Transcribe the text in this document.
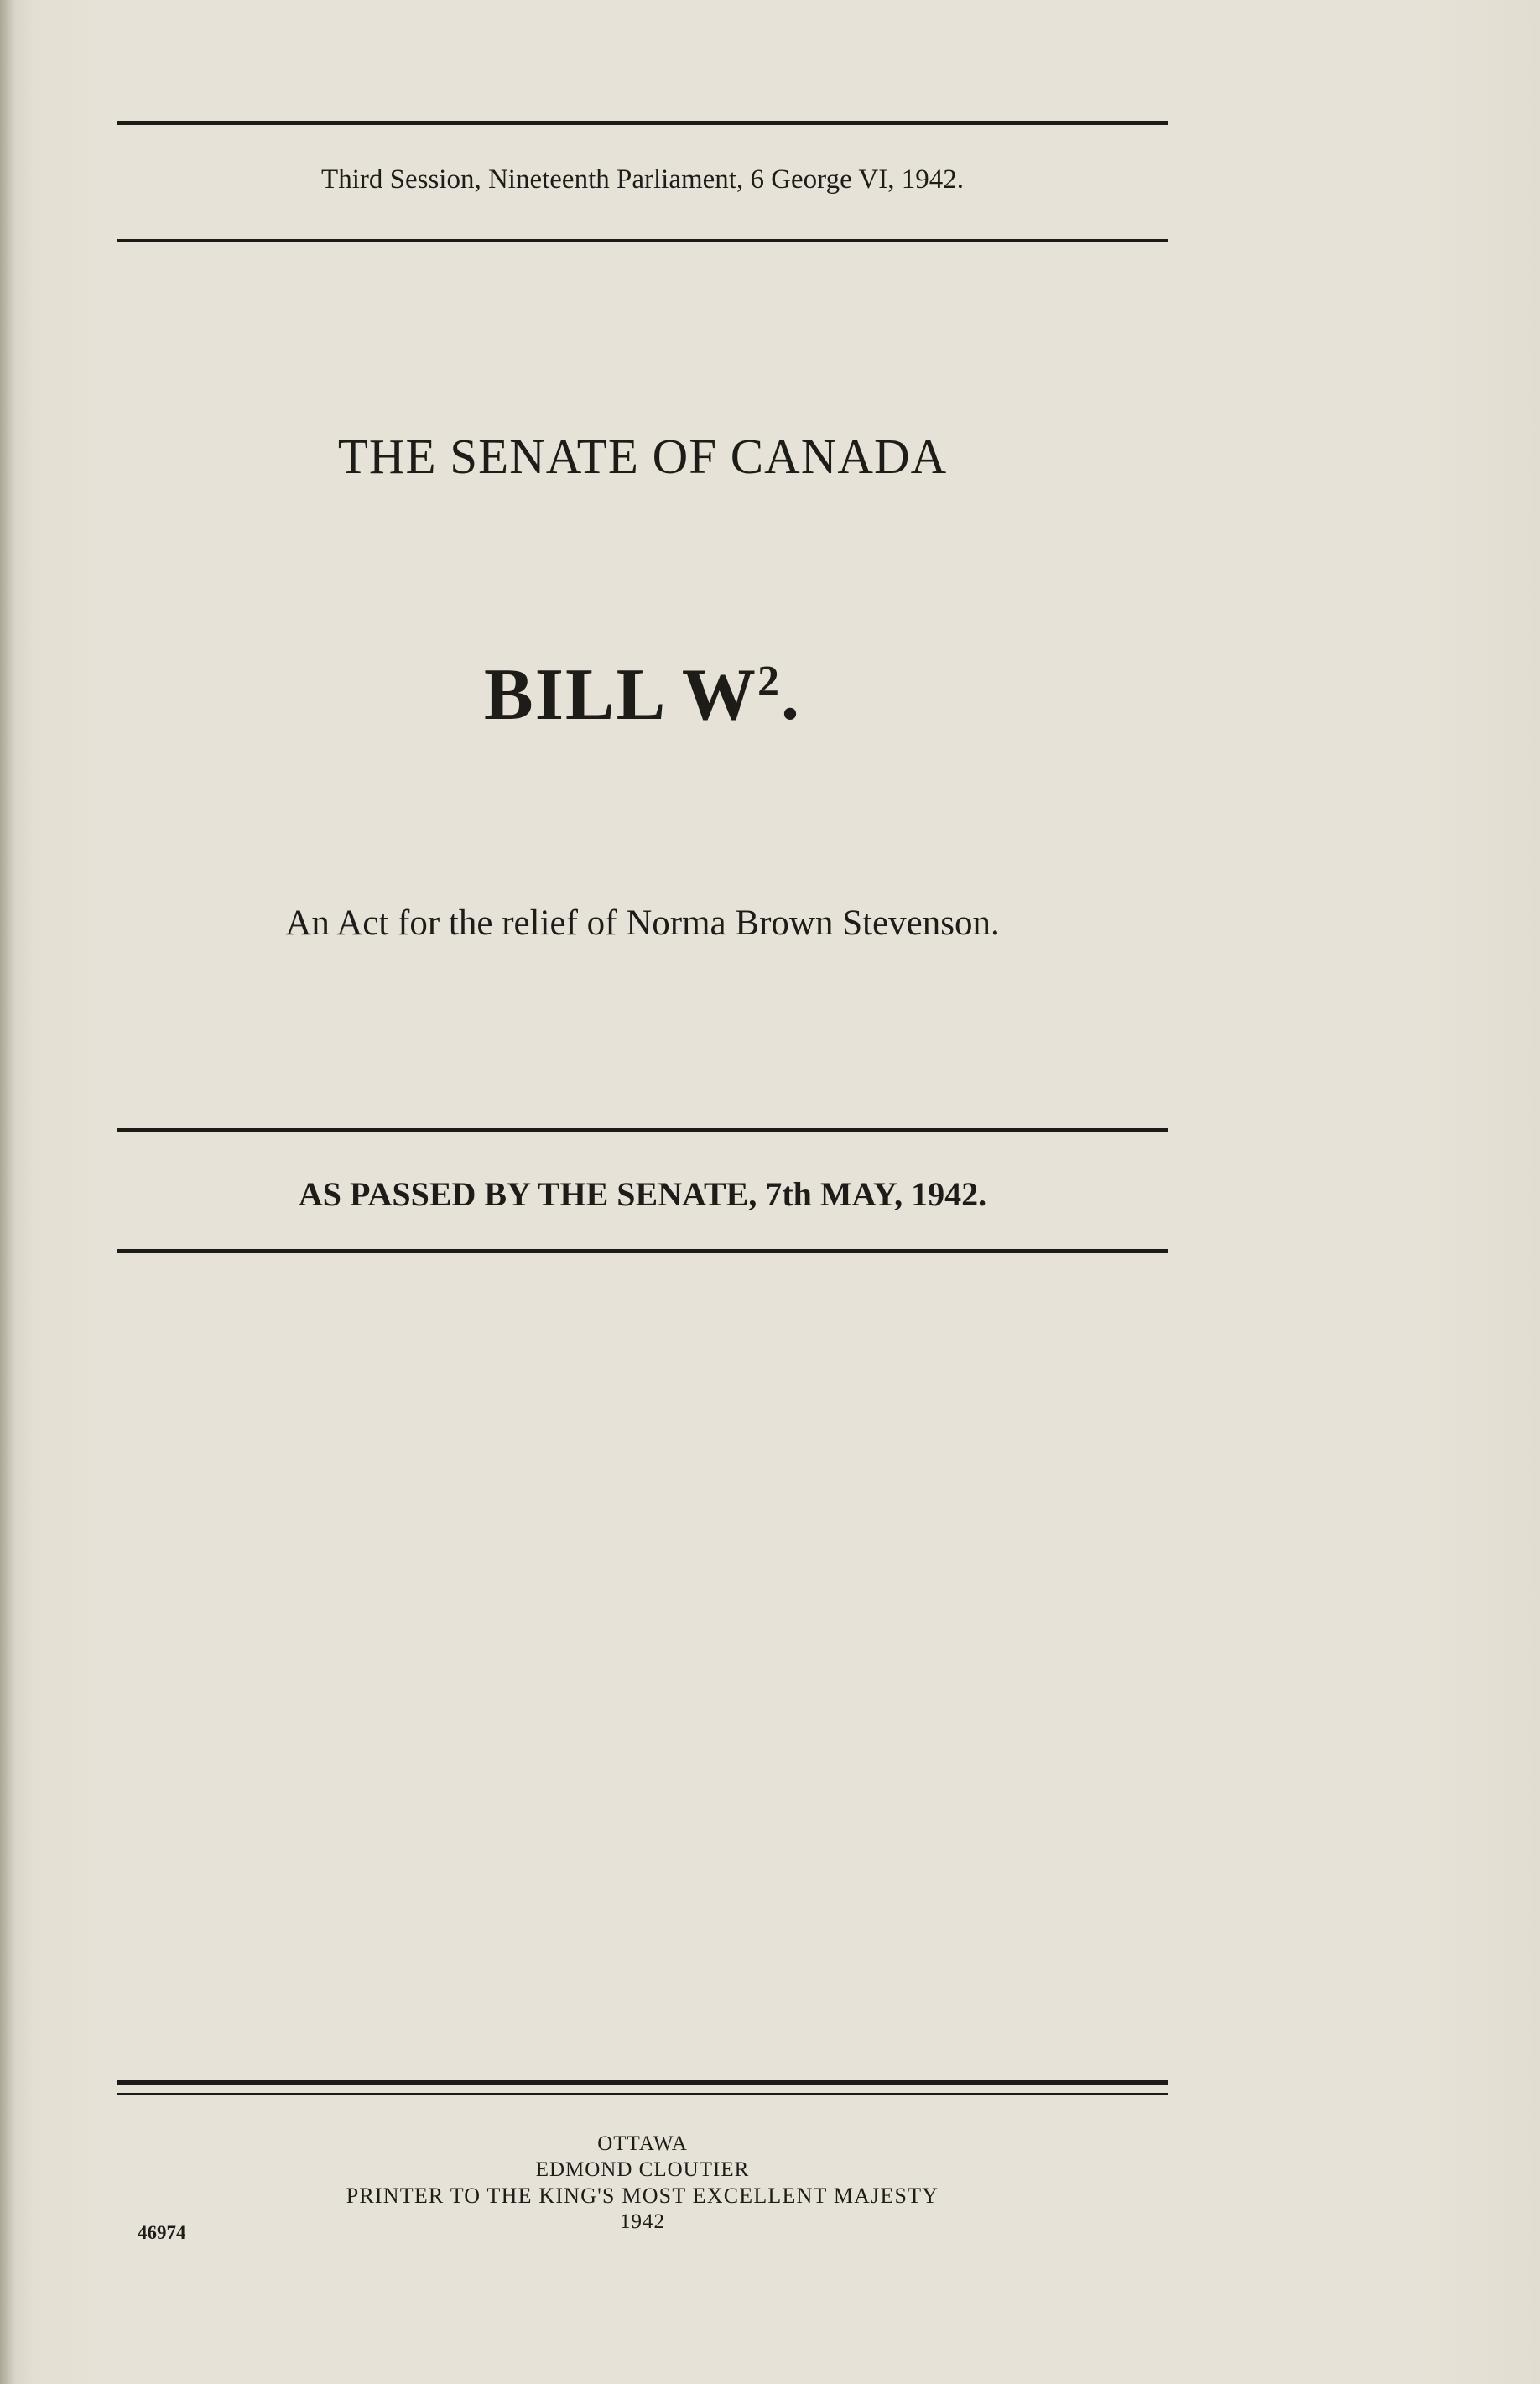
Third Session, Nineteenth Parliament, 6 George VI, 1942.
THE SENATE OF CANADA
BILL $W^2$.
An Act for the relief of Norma Brown Stevenson.
AS PASSED BY THE SENATE, 7th MAY, 1942.
OTTAWA
EDMOND CLOUTIER
PRINTER TO THE KING'S MOST EXCELLENT MAJESTY
1942
46974
